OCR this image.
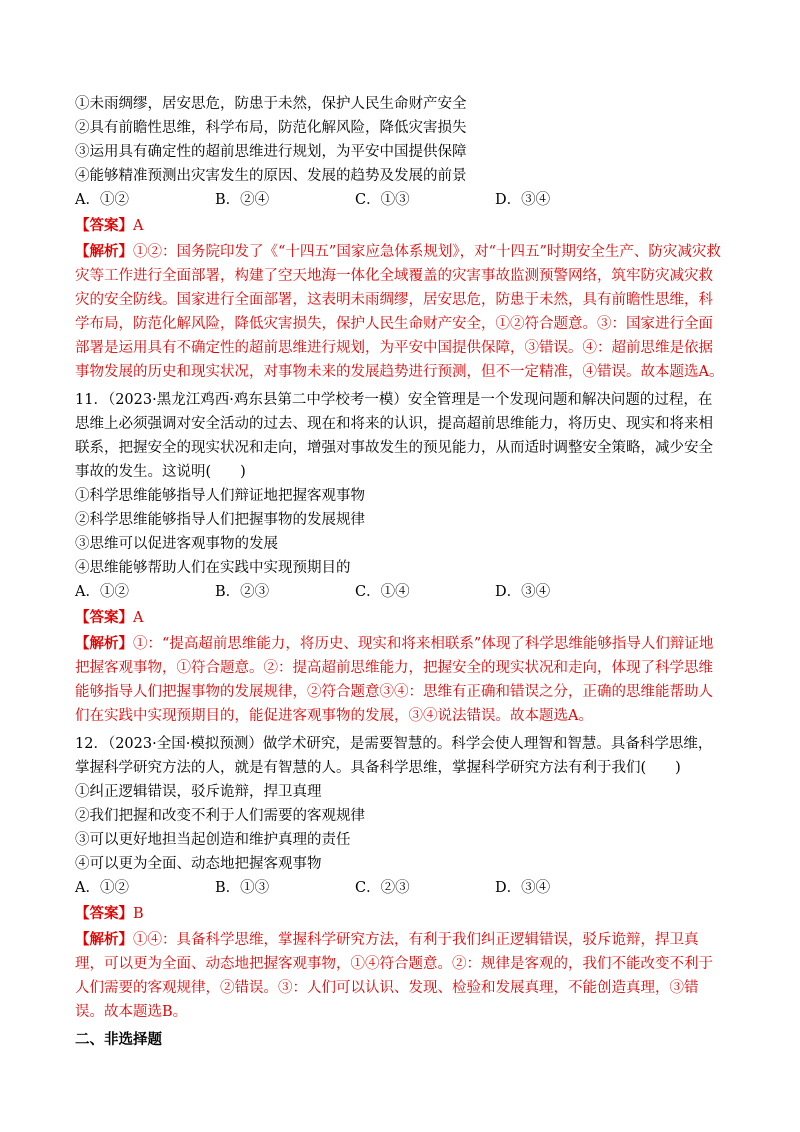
①未雨绸缪，居安思危，防患于未然，保护人民生命财产安全
②具有前瞻性思维，科学布局，防范化解风险，降低灾害损失
③运用具有确定性的超前思维进行规划，为平安中国提供保障
④能够精准预测出灾害发生的原因、发展的趋势及发展的前景
A．①②	B．②④	C．①③	D．③④
【答案】A
【解析】①②：国务院印发了《“十四五”国家应急体系规划》，对“十四五”时期安全生产、防灾减灾救灾等工作进行全面部署，构建了空天地海一体化全域覆盖的灾害事故监测预警网络，筑牢防灾减灾救灾的安全防线。国家进行全面部署，这表明未雨绸缪，居安思危，防患于未然，具有前瞻性思维，科学布局，防范化解风险，降低灾害损失，保护人民生命财产安全，①②符合题意。③：国家进行全面部署是运用具有不确定性的超前思维进行规划，为平安中国提供保障，③错误。④：超前思维是依据事物发展的历史和现实状况，对事物未来的发展趋势进行预测，但不一定精准，④错误。故本题选A。
11．（2023·黑龙江鸡西·鸡东县第二中学校考一模）安全管理是一个发现问题和解决问题的过程，在思维上必须强调对安全活动的过去、现在和将来的认识，提高超前思维能力，将历史、现实和将来相联系，把握安全的现实状况和走向，增强对事故发生的预见能力，从而适时调整安全策略，减少安全事故的发生。这说明(　　)
①科学思维能够指导人们辩证地把握客观事物
②科学思维能够指导人们把握事物的发展规律
③思维可以促进客观事物的发展
④思维能够帮助人们在实践中实现预期目的
A．①②	B．②③	C．①④	D．③④
【答案】A
【解析】①：“提高超前思维能力，将历史、现实和将来相联系”体现了科学思维能够指导人们辩证地把握客观事物，①符合题意。②：提高超前思维能力，把握安全的现实状况和走向，体现了科学思维能够指导人们把握事物的发展规律，②符合题意③④：思维有正确和错误之分，正确的思维能帮助人们在实践中实现预期目的，能促进客观事物的发展，③④说法错误。故本题选A。
12．（2023·全国·模拟预测）做学术研究，是需要智慧的。科学会使人理智和智慧。具备科学思维，掌握科学研究方法的人，就是有智慧的人。具备科学思维，掌握科学研究方法有利于我们(　　)
①纠正逻辑错误，驳斥诡辩，捍卫真理
②我们把握和改变不利于人们需要的客观规律
③可以更好地担当起创造和维护真理的责任
④可以更为全面、动态地把握客观事物
A．①②	B．①③	C．②③	D．③④
【答案】B
【解析】①④：具备科学思维，掌握科学研究方法，有利于我们纠正逻辑错误，驳斥诡辩，捍卫真理，可以更为全面、动态地把握客观事物，①④符合题意。②：规律是客观的，我们不能改变不利于人们需要的客观规律，②错误。③：人们可以认识、发现、检验和发展真理，不能创造真理，③错误。故本题选B。
二、非选择题
